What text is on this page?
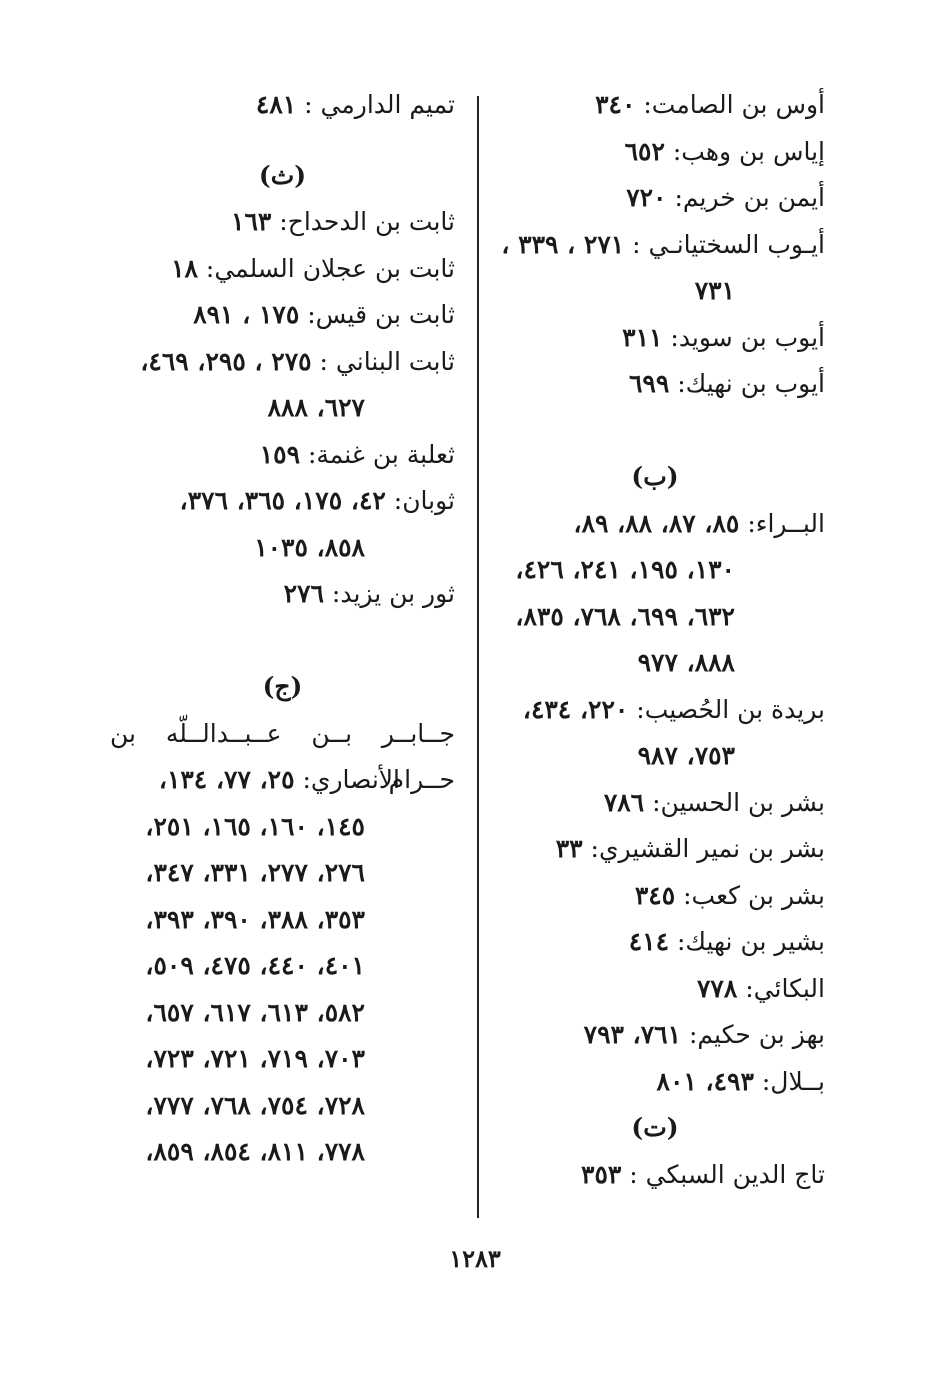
أوس بن الصامت: ٣٤٠
إياس بن وهب: ٦٥٢
أيمن بن خريم: ٧٢٠
أيـوب السختيانـي : ٢٧١ ، ٣٣٩ ،
٧٣١
أيوب بن سويد: ٣١١
أيوب بن نهيك: ٦٩٩
(ب)
البــراء: ٨٥، ٨٧، ٨٨، ٨٩،
١٣٠، ١٩٥، ٢٤١، ٤٢٦،
٦٣٢، ٦٩٩، ٧٦٨، ٨٣٥،
٨٨٨، ٩٧٧
بريدة بن الحُصيب: ٢٢٠، ٤٣٤،
٧٥٣، ٩٨٧
بشر بن الحسين: ٧٨٦
بشر بن نمير القشيري: ٣٣
بشر بن كعب: ٣٤٥
بشير بن نهيك: ٤١٤
البكائي: ٧٧٨
بهز بن حكيم: ٧٦١، ٧٩٣
بــلال: ٤٩٣، ٨٠١
(ت)
تاج الدين السبكي : ٣٥٣
تميم الدارمي : ٤٨١
(ث)
ثابت بن الدحداح: ١٦٣
ثابت بن عجلان السلمي: ١٨
ثابت بن قيس: ١٧٥ ، ٨٩١
ثابت البناني : ٢٧٥ ، ٢٩٥، ٤٦٩،
٦٢٧، ٨٨٨
ثعلبة بن غنمة: ١٥٩
ثوبان: ٤٢، ١٧٥، ٣٦٥، ٣٧٦،
٨٥٨، ١٠٣٥
ثور بن يزيد: ٢٧٦
(ج)
جــابــر بــن عــبــدالــلّه بن حــرام
الأنصاري: ٢٥، ٧٧، ١٣٤،
١٤٥، ١٦٠، ١٦٥، ٢٥١،
٢٧٦، ٢٧٧، ٣٣١، ٣٤٧،
٣٥٣، ٣٨٨، ٣٩٠، ٣٩٣،
٤٠١، ٤٤٠، ٤٧٥، ٥٠٩،
٥٨٢، ٦١٣، ٦١٧، ٦٥٧،
٧٠٣، ٧١٩، ٧٢١، ٧٢٣،
٧٢٨، ٧٥٤، ٧٦٨، ٧٧٧،
٧٧٨، ٨١١، ٨٥٤، ٨٥٩،
١٢٨٣
